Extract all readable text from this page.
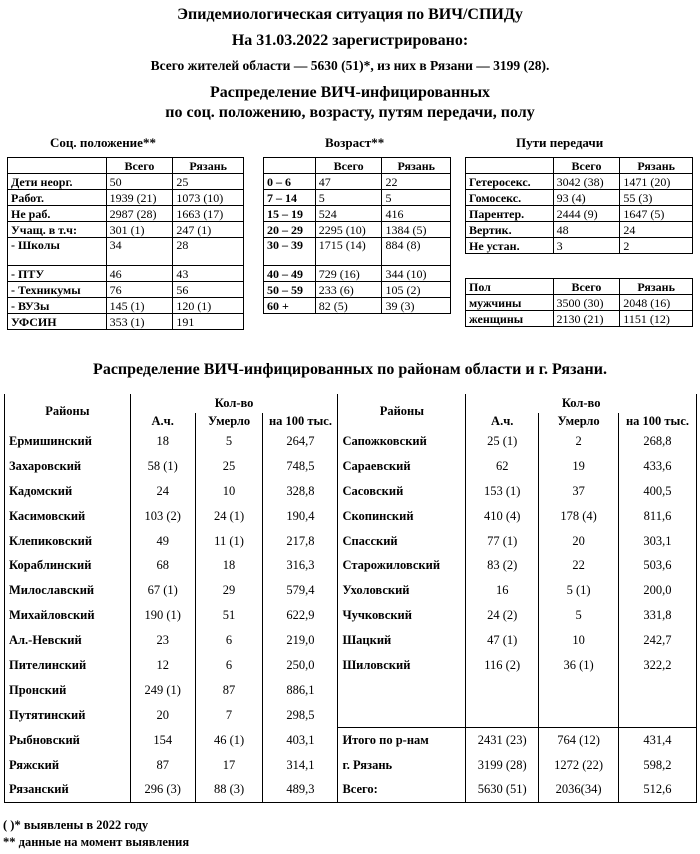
Эпидемиологическая ситуация по ВИЧ/СПИДу
На 31.03.2022 зарегистрировано:
Всего жителей области — 5630 (51)*, из них в Рязани — 3199 (28).
Распределение ВИЧ-инфицированных
по соц. положению, возрасту, путям передачи, полу
Соц. положение**	Возраст**	Пути передачи
	Всего	Рязань
Дети неорг.	50	25
Работ.	1939 (21)	1073 (10)
Не раб.	2987 (28)	1663 (17)
Учащ. в т.ч:	301 (1)	247 (1)
- Школы	34	28
- ПТУ	46	43
- Техникумы	76	56
- ВУЗы	145 (1)	120 (1)
УФСИН	353 (1)	191
	Всего	Рязань
0 – 6	47	22
7 – 14	5	5
15 – 19	524	416
20 – 29	2295 (10)	1384 (5)
30 – 39	1715 (14)	884 (8)
40 – 49	729 (16)	344 (10)
50 – 59	233 (6)	105 (2)
60 +	82 (5)	39 (3)
	Всего	Рязань
Гетеросекс.	3042 (38)	1471 (20)
Гомосекс.	93 (4)	55 (3)
Парентер.	2444 (9)	1647 (5)
Вертик.	48	24
Не устан.	3	2
Пол	Всего	Рязань
мужчины	3500 (30)	2048 (16)
женщины	2130 (21)	1151 (12)
Распределение ВИЧ-инфицированных по районам области и г. Рязани.
Районы	Кол-во			Районы	Кол-во		
	А.ч.	Умерло	на 100 тыс.		А.ч.	Умерло	на 100 тыс.
Ермишинский	18	5	264,7	Сапожковский	25 (1)	2	268,8
Захаровский	58 (1)	25	748,5	Сараевский	62	19	433,6
Кадомский	24	10	328,8	Сасовский	153 (1)	37	400,5
Касимовский	103 (2)	24 (1)	190,4	Скопинский	410 (4)	178 (4)	811,6
Клепиковский	49	11 (1)	217,8	Спасский	77 (1)	20	303,1
Кораблинский	68	18	316,3	Старожиловский	83 (2)	22	503,6
Милославский	67 (1)	29	579,4	Ухоловский	16	5 (1)	200,0
Михайловский	190 (1)	51	622,9	Чучковский	24 (2)	5	331,8
Ал.-Невский	23	6	219,0	Шацкий	47 (1)	10	242,7
Пителинский	12	6	250,0	Шиловский	116 (2)	36 (1)	322,2
Пронский	249 (1)	87	886,1				
Путятинский	20	7	298,5				
Рыбновский	154	46 (1)	403,1	Итого по р-нам	2431 (23)	764 (12)	431,4
Ряжский	87	17	314,1	г. Рязань	3199 (28)	1272 (22)	598,2
Рязанский	296 (3)	88 (3)	489,3	Всего:	5630 (51)	2036(34)	512,6
( )* выявлены в 2022 году
** данные на момент выявления
